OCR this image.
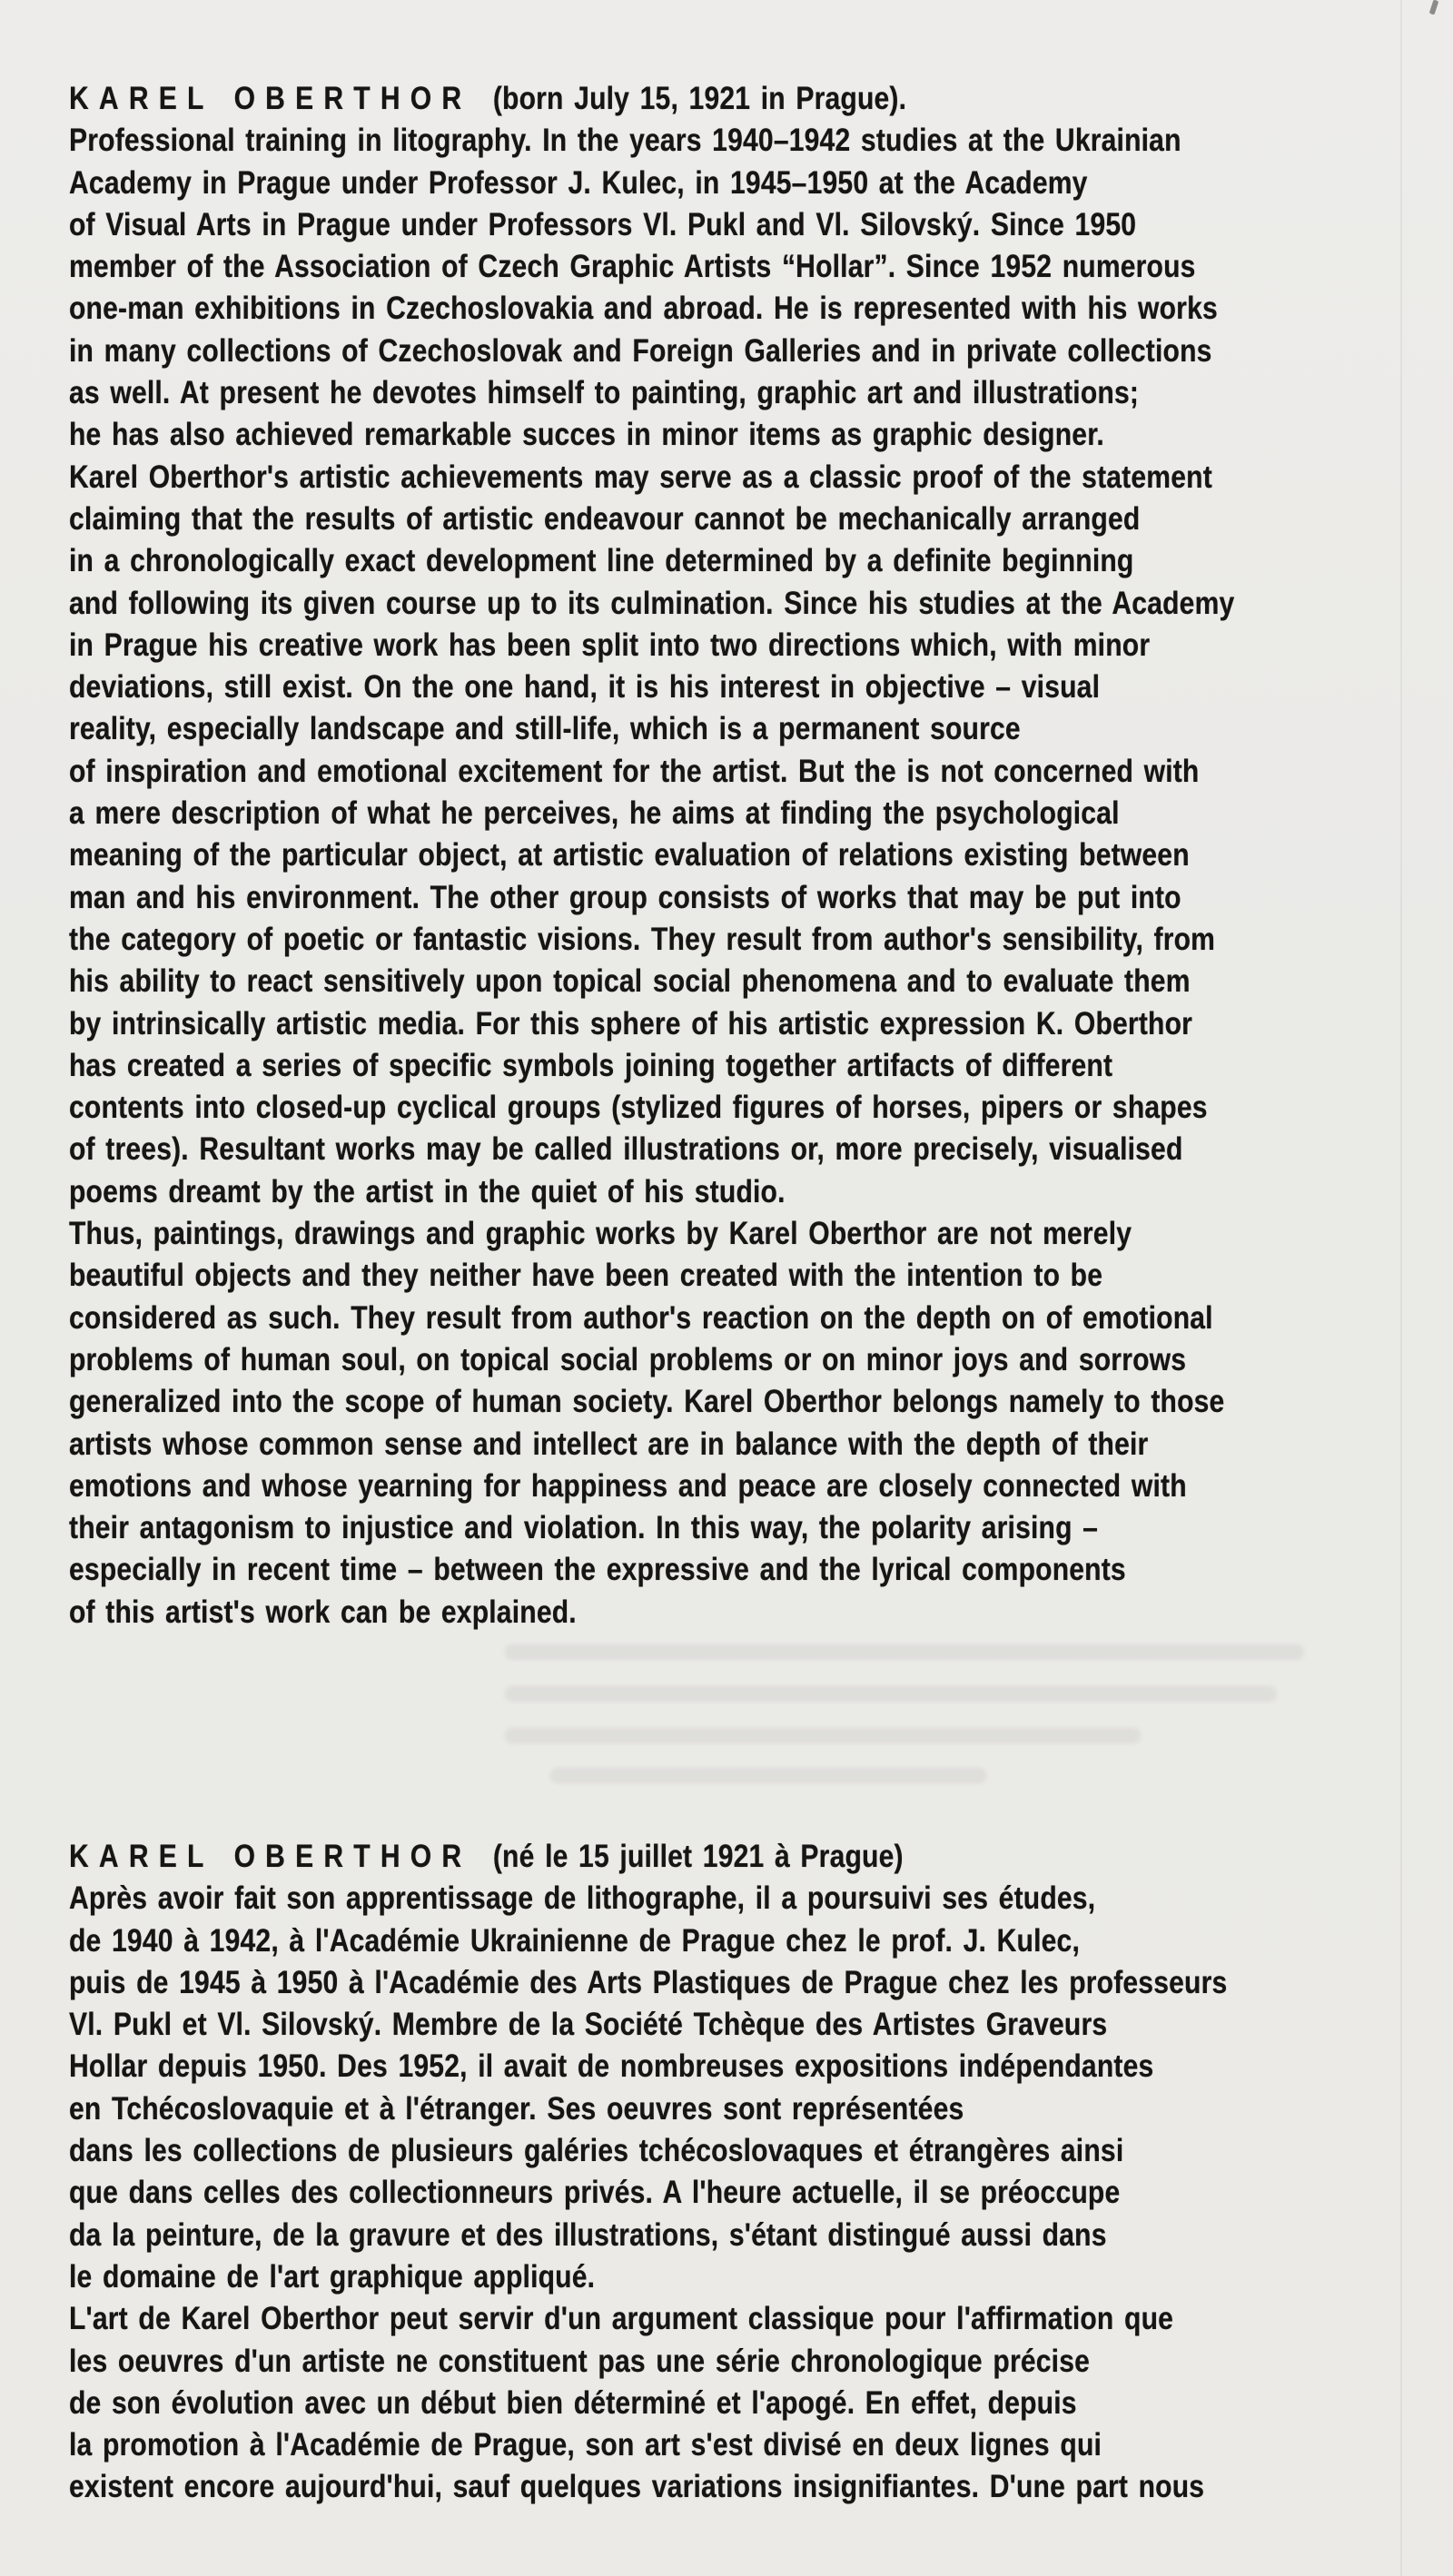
KAREL OBERTHOR (born July 15, 1921 in Prague).
Professional training in litography. In the years 1940–1942 studies at the Ukrainian
Academy in Prague under Professor J. Kulec, in 1945–1950 at the Academy
of Visual Arts in Prague under Professors Vl. Pukl and Vl. Silovský. Since 1950
member of the Association of Czech Graphic Artists “Hollar”. Since 1952 numerous
one-man exhibitions in Czechoslovakia and abroad. He is represented with his works
in many collections of Czechoslovak and Foreign Galleries and in private collections
as well. At present he devotes himself to painting, graphic art and illustrations;
he has also achieved remarkable succes in minor items as graphic designer.
Karel Oberthor's artistic achievements may serve as a classic proof of the statement
claiming that the results of artistic endeavour cannot be mechanically arranged
in a chronologically exact development line determined by a definite beginning
and following its given course up to its culmination. Since his studies at the Academy
in Prague his creative work has been split into two directions which, with minor
deviations, still exist. On the one hand, it is his interest in objective – visual
reality, especially landscape and still-life, which is a permanent source
of inspiration and emotional excitement for the artist. But the is not concerned with
a mere description of what he perceives, he aims at finding the psychological
meaning of the particular object, at artistic evaluation of relations existing between
man and his environment. The other group consists of works that may be put into
the category of poetic or fantastic visions. They result from author's sensibility, from
his ability to react sensitively upon topical social phenomena and to evaluate them
by intrinsically artistic media. For this sphere of his artistic expression K. Oberthor
has created a series of specific symbols joining together artifacts of different
contents into closed-up cyclical groups (stylized figures of horses, pipers or shapes
of trees). Resultant works may be called illustrations or, more precisely, visualised
poems dreamt by the artist in the quiet of his studio.
Thus, paintings, drawings and graphic works by Karel Oberthor are not merely
beautiful objects and they neither have been created with the intention to be
considered as such. They result from author's reaction on the depth on of emotional
problems of human soul, on topical social problems or on minor joys and sorrows
generalized into the scope of human society. Karel Oberthor belongs namely to those
artists whose common sense and intellect are in balance with the depth of their
emotions and whose yearning for happiness and peace are closely connected with
their antagonism to injustice and violation. In this way, the polarity arising –
especially in recent time – between the expressive and the lyrical components
of this artist's work can be explained.
KAREL OBERTHOR (né le 15 juillet 1921 à Prague)
Après avoir fait son apprentissage de lithographe, il a poursuivi ses études,
de 1940 à 1942, à l'Académie Ukrainienne de Prague chez le prof. J. Kulec,
puis de 1945 à 1950 à l'Académie des Arts Plastiques de Prague chez les professeurs
Vl. Pukl et Vl. Silovský. Membre de la Société Tchèque des Artistes Graveurs
Hollar depuis 1950. Des 1952, il avait de nombreuses expositions indépendantes
en Tchécoslovaquie et à l'étranger. Ses oeuvres sont représentées
dans les collections de plusieurs galéries tchécoslovaques et étrangères ainsi
que dans celles des collectionneurs privés. A l'heure actuelle, il se préoccupe
da la peinture, de la gravure et des illustrations, s'étant distingué aussi dans
le domaine de l'art graphique appliqué.
L'art de Karel Oberthor peut servir d'un argument classique pour l'affirmation que
les oeuvres d'un artiste ne constituent pas une série chronologique précise
de son évolution avec un début bien déterminé et l'apogé. En effet, depuis
la promotion à l'Académie de Prague, son art s'est divisé en deux lignes qui
existent encore aujourd'hui, sauf quelques variations insignifiantes. D'une part nous
